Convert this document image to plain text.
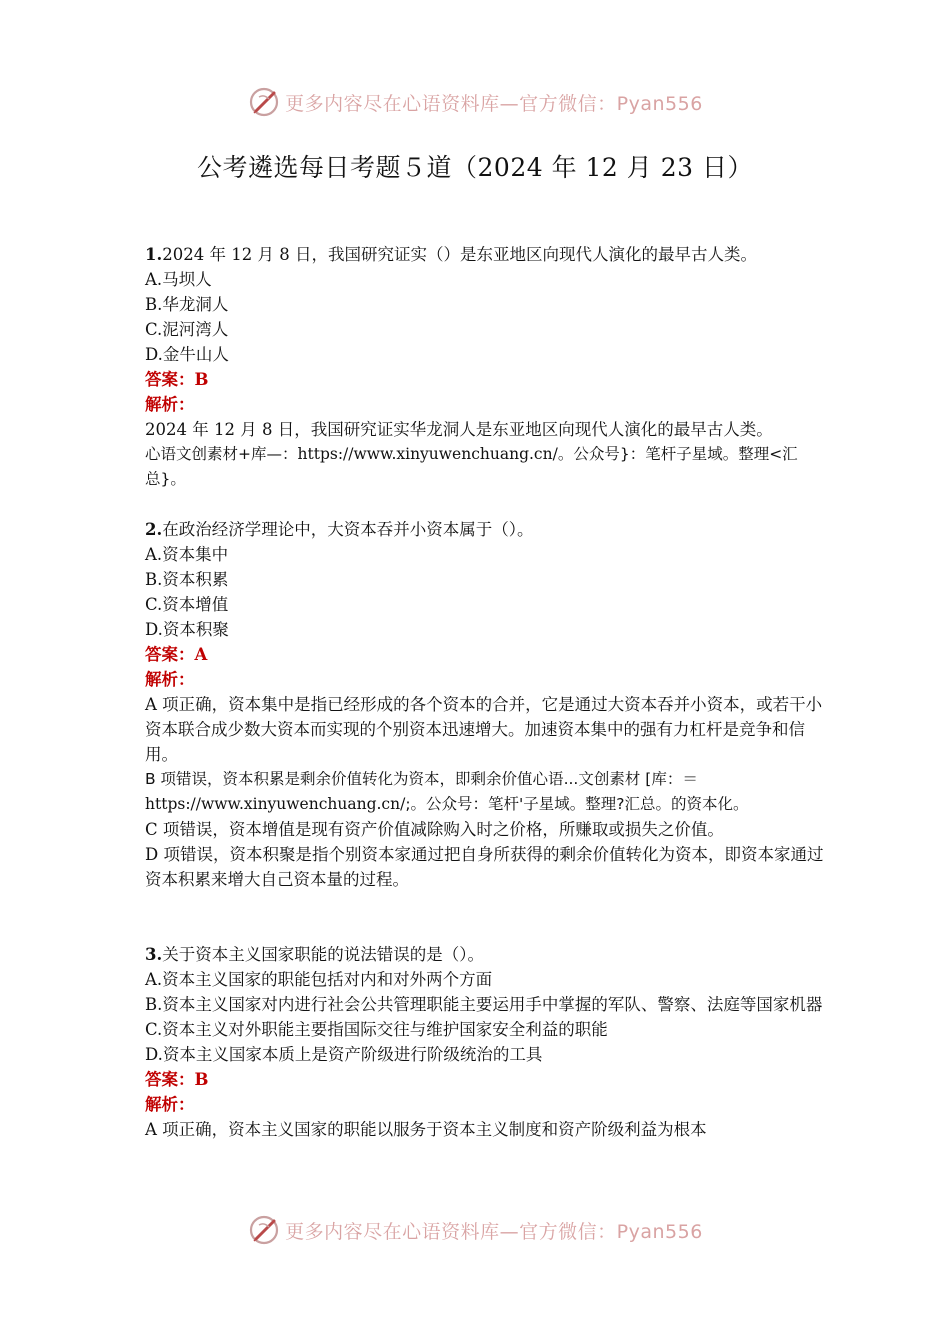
更多内容尽在心语资料库—官方微信：Pyan556
公考遴选每日考题５道（2024 年 12 月 23 日）

1.2024 年 12 月 8 日，我国研究证实（）是东亚地区向现代人演化的最早古人类。

A.马坝人

B.华龙洞人

C.泥河湾人

D.金牛山人

答案：B

解析：

2024 年 12 月 8 日，我国研究证实华龙洞人是东亚地区向现代人演化的最早古人类。

心语文创素材+库—：https://www.xinyuwenchuang.cn/。公众号}：笔杆子星域。整理<汇总}。

2.在政治经济学理论中，大资本吞并小资本属于（）。

A.资本集中

B.资本积累

C.资本增值

D.资本积聚

答案：A

解析：

A 项正确，资本集中是指已经形成的各个资本的合并，它是通过大资本吞并小资本，或若干小资本联合成少数大资本而实现的个别资本迅速增大。加速资本集中的强有力杠杆是竞争和信用。

B 项错误，资本积累是剩余价值转化为资本，即剩余价值心语...文创素材 [库：＝https://www.xinyuwenchuang.cn/;。公众号：笔杆'子星域。整理?汇总。的资本化。

C 项错误，资本增值是现有资产价值减除购入时之价格，所赚取或损失之价值。

D 项错误，资本积聚是指个别资本家通过把自身所获得的剩余价值转化为资本，即资本家通过资本积累来增大自己资本量的过程。

3.关于资本主义国家职能的说法错误的是（）。

A.资本主义国家的职能包括对内和对外两个方面

B.资本主义国家对内进行社会公共管理职能主要运用手中掌握的军队、警察、法庭等国家机器

C.资本主义对外职能主要指国际交往与维护国家安全利益的职能

D.资本主义国家本质上是资产阶级进行阶级统治的工具

答案：B

解析：

A 项正确，资本主义国家的职能以服务于资本主义制度和资产阶级利益为根本

更多内容尽在心语资料库—官方微信：Pyan556
